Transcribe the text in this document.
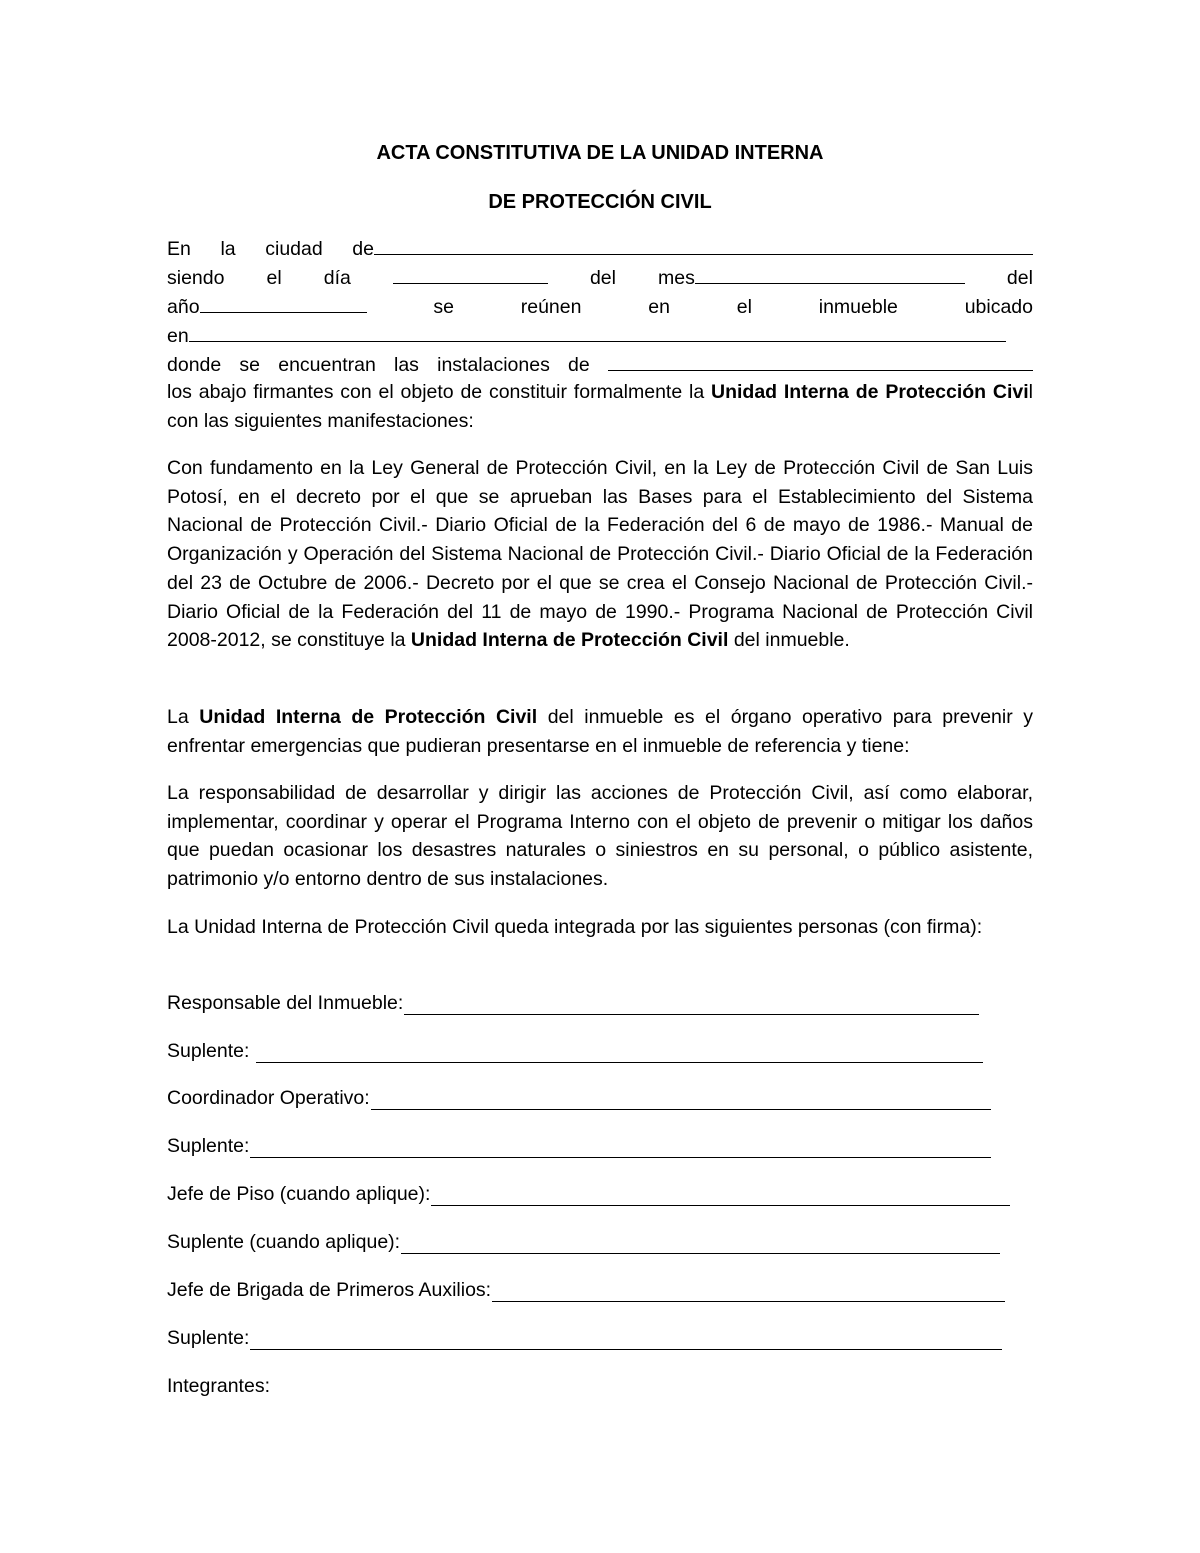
ACTA CONSTITUTIVA DE LA UNIDAD INTERNA
DE PROTECCIÓN CIVIL
En la ciudad de
siendo el día	del mes	del
año	se	reúnen	en	el	inmueble	ubicado
en
donde se encuentran las instalaciones de
los abajo firmantes con el objeto de constituir formalmente la Unidad Interna de Protección Civil con las siguientes manifestaciones:
Con fundamento en la Ley General de Protección Civil, en la Ley de Protección Civil de San Luis Potosí, en el decreto por el que se aprueban las Bases para el Establecimiento del Sistema Nacional de Protección Civil.- Diario Oficial de la Federación del 6 de mayo de 1986.- Manual de Organización y Operación del Sistema Nacional de Protección Civil.- Diario Oficial de la Federación del 23 de Octubre de 2006.- Decreto por el que se crea el Consejo Nacional de Protección Civil.- Diario Oficial de la Federación del 11 de mayo de 1990.- Programa Nacional de Protección Civil 2008-2012, se constituye la Unidad Interna de Protección Civil del inmueble.
La Unidad Interna de Protección Civil del inmueble es el órgano operativo para prevenir y enfrentar emergencias que pudieran presentarse en el inmueble de referencia y tiene:
La responsabilidad de desarrollar y dirigir las acciones de Protección Civil, así como elaborar, implementar, coordinar y operar el Programa Interno con el objeto de prevenir o mitigar los daños que puedan ocasionar los desastres naturales o siniestros en su personal, o público asistente, patrimonio y/o entorno dentro de sus instalaciones.
La Unidad Interna de Protección Civil queda integrada por las siguientes personas (con firma):
Responsable del Inmueble:
Suplente:
Coordinador Operativo:
Suplente:
Jefe de Piso (cuando aplique):
Suplente (cuando aplique):
Jefe de Brigada de Primeros Auxilios:
Suplente:
Integrantes:
